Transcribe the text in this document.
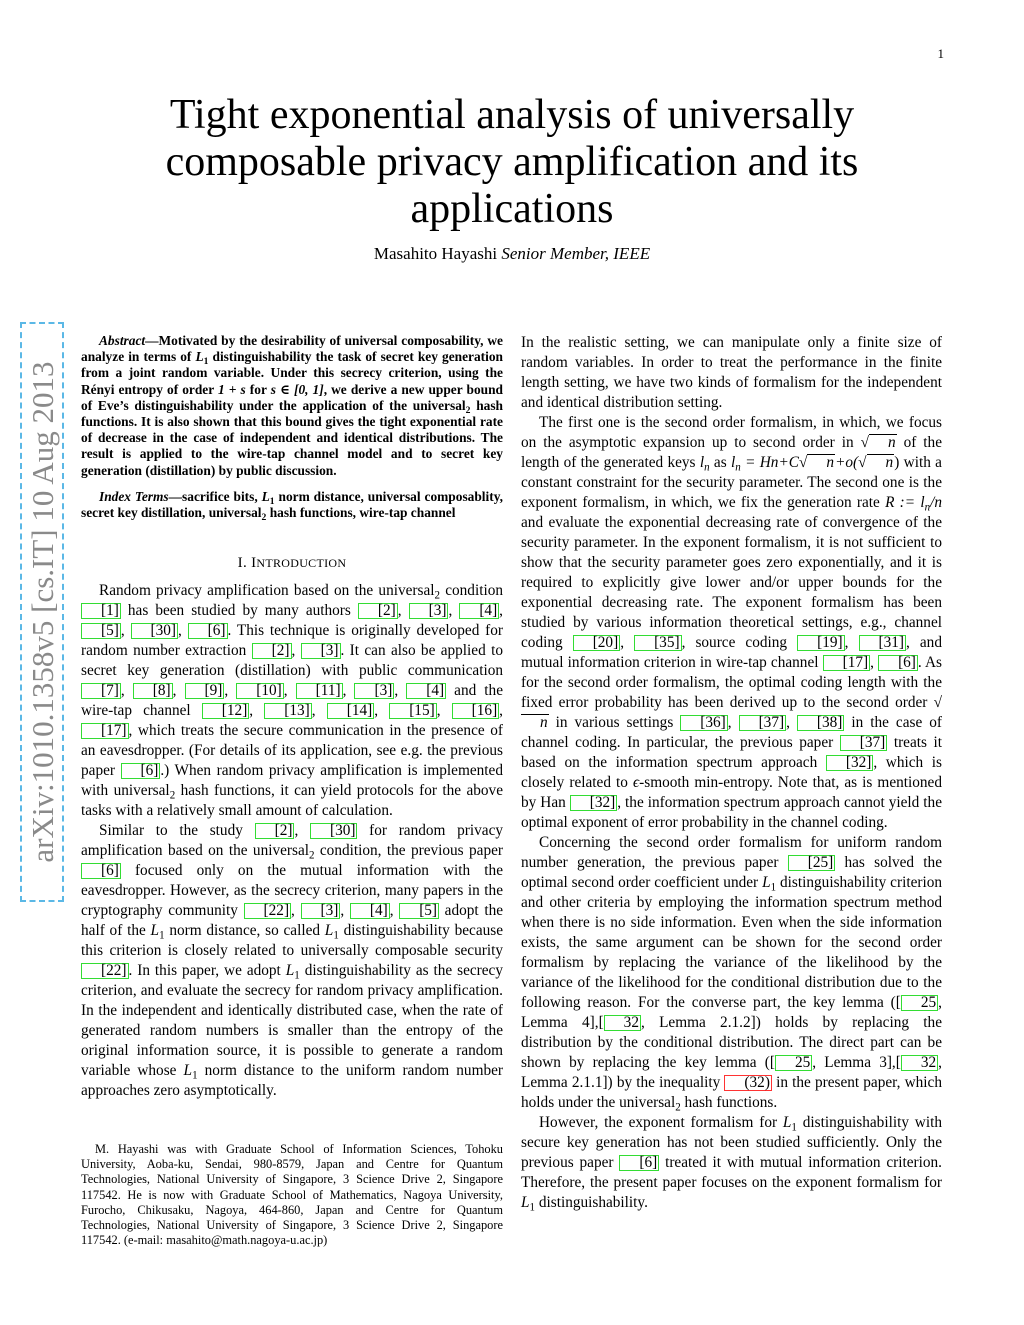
1
Tight exponential analysis of universally composable privacy amplification and its applications
Masahito Hayashi Senior Member, IEEE
arXiv:1010.1358v5 [cs.IT] 10 Aug 2013

Abstract—Motivated by the desirability of universal composability, we analyze in terms of $L_1$ distinguishability the task of secret key generation from a joint random variable. Under this secrecy criterion, using the Rényi entropy of order 1 + s for s ∈ [0, 1], we derive a new upper bound of Eve’s distinguishability under the application of the universal$_2$ hash functions. It is also shown that this bound gives the tight exponential rate of decrease in the case of independent and identical distributions. The result is applied to the wire-tap channel model and to secret key generation (distillation) by public discussion.

Index Terms—sacrifice bits, $L_1$ norm distance, universal composablity, secret key distillation, universal$_2$ hash functions, wire-tap channel

I. INTRODUCTION

Random privacy amplification based on the universal$_2$ condition [1] has been studied by many authors [2] , [3] , [4] , [5] , [30] , [6] . This technique is originally developed for random number extraction [2] , [3] . It can also be applied to secret key generation (distillation) with public communication [7] , [8] , [9] , [10] , [11] , [3] , [4] and the wire-tap channel [12] , [13] , [14] , [15] , [16] , [17] , which treats the secure communication in the presence of an eavesdropper. (For details of its application, see e.g. the previous paper [6] .) When random privacy amplification is implemented with universal$_2$ hash functions, it can yield protocols for the above tasks with a relatively small amount of calculation.

Similar to the study [2] , [30] for random privacy amplification based on the universal$_2$ condition, the previous paper [6] focused only on the mutual information with the eavesdropper. However, as the secrecy criterion, many papers in the cryptography community [22] , [3] , [4] , [5] adopt the half of the $L_1$ norm distance, so called $L_1$ distinguishability because this criterion is closely related to universally composable security [22] . In this paper, we adopt $L_1$ distinguishability as the secrecy criterion, and evaluate the secrecy for random privacy amplification. In the independent and identically distributed case, when the rate of generated random numbers is smaller than the entropy of the original information source, it is possible to generate a random variable whose $L_1$ norm distance to the uniform random number approaches zero asymptotically.

M. Hayashi was with Graduate School of Information Sciences, Tohoku University, Aoba-ku, Sendai, 980-8579, Japan and Centre for Quantum Technologies, National University of Singapore, 3 Science Drive 2, Singapore 117542. He is now with Graduate School of Mathematics, Nagoya University, Furocho, Chikusaku, Nagoya, 464-860, Japan and Centre for Quantum Technologies, National University of Singapore, 3 Science Drive 2, Singapore 117542. (e-mail: masahito@math.nagoya-u.ac.jp)

In the realistic setting, we can manipulate only a finite size of random variables. In order to treat the performance in the finite length setting, we have two kinds of formalism for the independent and identical distribution setting.

The first one is the second order formalism, in which, we focus on the asymptotic expansion up to second order in √ n of the length of the generated keys $l_n$ as $l_n = Hn+C√$ n+o(√ n) with a constant constraint for the security parameter. The second one is the exponent formalism, in which, we fix the generation rate R := $l_n/n$ and evaluate the exponential decreasing rate of convergence of the security parameter. In the exponent formalism, it is not sufficient to show that the security parameter goes zero exponentially, and it is required to explicitly give lower and/or upper bounds for the exponential decreasing rate. The exponent formalism has been studied by various information theoretical settings, e.g., channel coding [20] , [35] , source coding [19] , [31] , and mutual information criterion in wire-tap channel [17] , [6] . As for the second order formalism, the optimal coding length with the fixed error probability has been derived up to the second order √n in various settings [36] , [37] , [38] in the case of channel coding. In particular, the previous paper [37] treats it based on the information spectrum approach [32] , which is closely related to ϵ-smooth min-entropy. Note that, as is mentioned by Han [32] , the information spectrum approach cannot yield the optimal exponent of error probability in the channel coding.

Concerning the second order formalism for uniform random number generation, the previous paper [25] has solved the optimal second order coefficient under $L_1$ distinguishability criterion and other criteria by employing the information spectrum method when there is no side information. Even when the side information exists, the same argument can be shown for the second order formalism by replacing the variance of the likelihood by the variance of the likelihood for the conditional distribution due to the following reason. For the converse part, the key lemma ([ 25 , Lemma 4],[ 32 , Lemma 2.1.2]) holds by replacing the distribution by the conditional distribution. The direct part can be shown by replacing the key lemma ([ 25 , Lemma 3],[ 32 , Lemma 2.1.1]) by the inequality (32) in the present paper, which holds under the universal$_2$ hash functions.

However, the exponent formalism for $L_1$ distinguishability with secure key generation has not been studied sufficiently. Only the previous paper [6] treated it with mutual information criterion. Therefore, the present paper focuses on the exponent formalism for $L_1$ distinguishability.
